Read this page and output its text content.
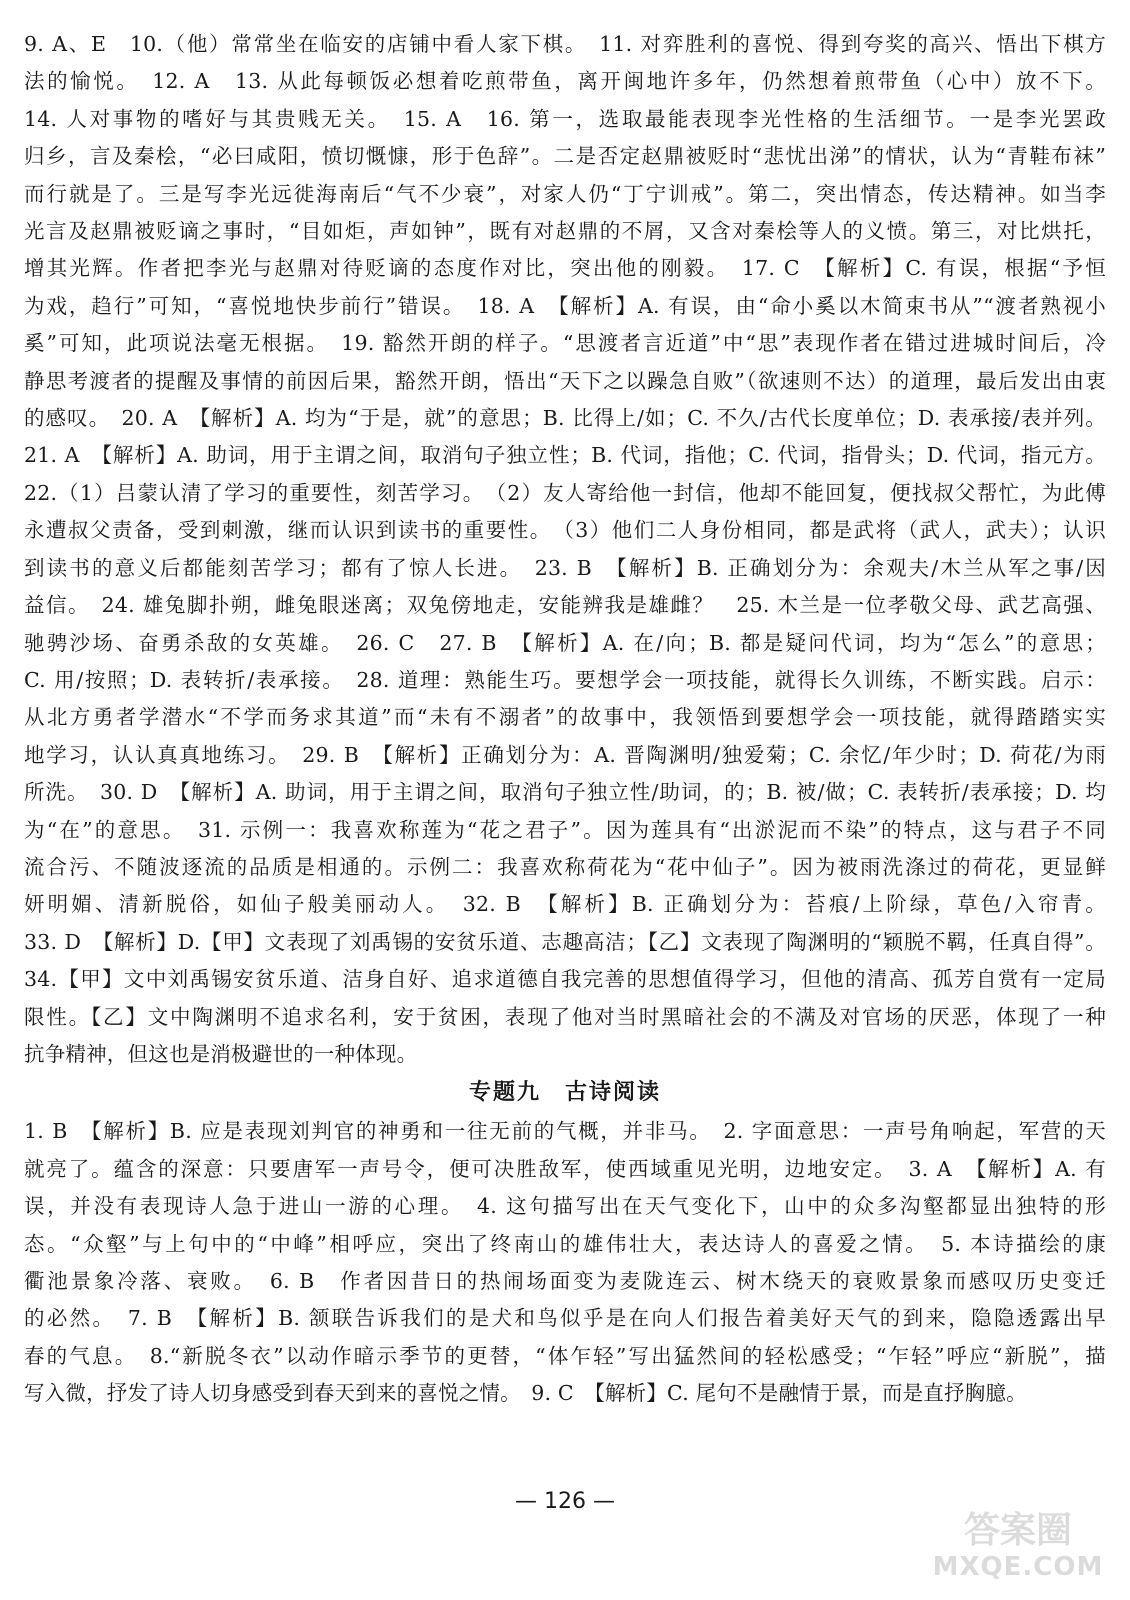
9. A、E　10.（他）常常坐在临安的店铺中看人家下棋。　11. 对弈胜利的喜悦、得到夸奖的高兴、悟出下棋方

法的愉悦。　12. A　13. 从此每顿饭必想着吃煎带鱼，离开闽地许多年，仍然想着煎带鱼（心中）放不下。

14. 人对事物的嗜好与其贵贱无关。　15. A　16. 第一，选取最能表现李光性格的生活细节。一是李光罢政

归乡，言及秦桧，“必曰咸阳，愤切慨慷，形于色辞”。二是否定赵鼎被贬时“悲忧出涕”的情状，认为“青鞋布袜”

而行就是了。三是写李光远徙海南后“气不少衰”，对家人仍“丁宁训戒”。第二，突出情态，传达精神。如当李

光言及赵鼎被贬谪之事时，“目如炬，声如钟”，既有对赵鼎的不屑，又含对秦桧等人的义愤。第三，对比烘托，

增其光辉。作者把李光与赵鼎对待贬谪的态度作对比，突出他的刚毅。　17. C　【解析】C. 有误，根据“予恒

为戏，趋行”可知，“喜悦地快步前行”错误。　18. A　【解析】A. 有误，由“命小奚以木简束书从”“渡者熟视小

奚”可知，此项说法毫无根据。　19. 豁然开朗的样子。“思渡者言近道”中“思”表现作者在错过进城时间后，冷

静思考渡者的提醒及事情的前因后果，豁然开朗，悟出“天下之以躁急自败”（欲速则不达）的道理，最后发出由衷

的感叹。　20. A　【解析】A. 均为“于是，就”的意思；B. 比得上/如；C. 不久/古代长度单位；D. 表承接/表并列。

21. A　【解析】A. 助词，用于主谓之间，取消句子独立性；B. 代词，指他；C. 代词，指骨头；D. 代词，指元方。

22.（1）吕蒙认清了学习的重要性，刻苦学习。　（2）友人寄给他一封信，他却不能回复，便找叔父帮忙，为此傅

永遭叔父责备，受到刺激，继而认识到读书的重要性。　（3）他们二人身份相同，都是武将（武人，武夫）；认识

到读书的意义后都能刻苦学习；都有了惊人长进。　23. B　【解析】B. 正确划分为：余观夫/木兰从军之事/因

益信。　24. 雄兔脚扑朔，雌兔眼迷离；双兔傍地走，安能辨我是雄雌？　25. 木兰是一位孝敬父母、武艺高强、

驰骋沙场、奋勇杀敌的女英雄。　26. C　27. B　【解析】A. 在/向；B. 都是疑问代词，均为“怎么”的意思；

C. 用/按照；D. 表转折/表承接。　28. 道理：熟能生巧。要想学会一项技能，就得长久训练，不断实践。启示：

从北方勇者学潜水“不学而务求其道”而“未有不溺者”的故事中，我领悟到要想学会一项技能，就得踏踏实实

地学习，认认真真地练习。　29. B　【解析】正确划分为：A. 晋陶渊明/独爱菊；C. 余忆/年少时；D. 荷花/为雨

所洗。　30. D　【解析】A. 助词，用于主谓之间，取消句子独立性/助词，的；B. 被/做；C. 表转折/表承接；D. 均

为“在”的意思。　31. 示例一：我喜欢称莲为“花之君子”。因为莲具有“出淤泥而不染”的特点，这与君子不同

流合污、不随波逐流的品质是相通的。示例二：我喜欢称荷花为“花中仙子”。因为被雨洗涤过的荷花，更显鲜

妍明媚、清新脱俗，如仙子般美丽动人。　32. B　【解析】B. 正确划分为：苔痕/上阶绿，草色/入帘青。

33. D　【解析】D.【甲】文表现了刘禹锡的安贫乐道、志趣高洁；【乙】文表现了陶渊明的“颖脱不羁，任真自得”。

34.【甲】文中刘禹锡安贫乐道、洁身自好、追求道德自我完善的思想值得学习，但他的清高、孤芳自赏有一定局

限性。【乙】文中陶渊明不追求名利，安于贫困，表现了他对当时黑暗社会的不满及对官场的厌恶，体现了一种

抗争精神，但这也是消极避世的一种体现。

专题九　古诗阅读

1. B　【解析】B. 应是表现刘判官的神勇和一往无前的气概，并非马。　2. 字面意思：一声号角响起，军营的天

就亮了。蕴含的深意：只要唐军一声号令，便可决胜敌军，使西域重见光明，边地安定。　3. A　【解析】A. 有

误，并没有表现诗人急于进山一游的心理。　4. 这句描写出在天气变化下，山中的众多沟壑都显出独特的形

态。“众壑”与上句中的“中峰”相呼应，突出了终南山的雄伟壮大，表达诗人的喜爱之情。　5. 本诗描绘的康

衢池景象冷落、衰败。　6. B　作者因昔日的热闹场面变为麦陇连云、树木绕天的衰败景象而感叹历史变迁

的必然。　7. B　【解析】B. 颔联告诉我们的是犬和鸟似乎是在向人们报告着美好天气的到来，隐隐透露出早

春的气息。　8.“新脱冬衣”以动作暗示季节的更替，“体乍轻”写出猛然间的轻松感受；“乍轻”呼应“新脱”，描

写入微，抒发了诗人切身感受到春天到来的喜悦之情。　9. C　【解析】C. 尾句不是融情于景，而是直抒胸臆。

— 126 —
答案圈
MXQE.COM
